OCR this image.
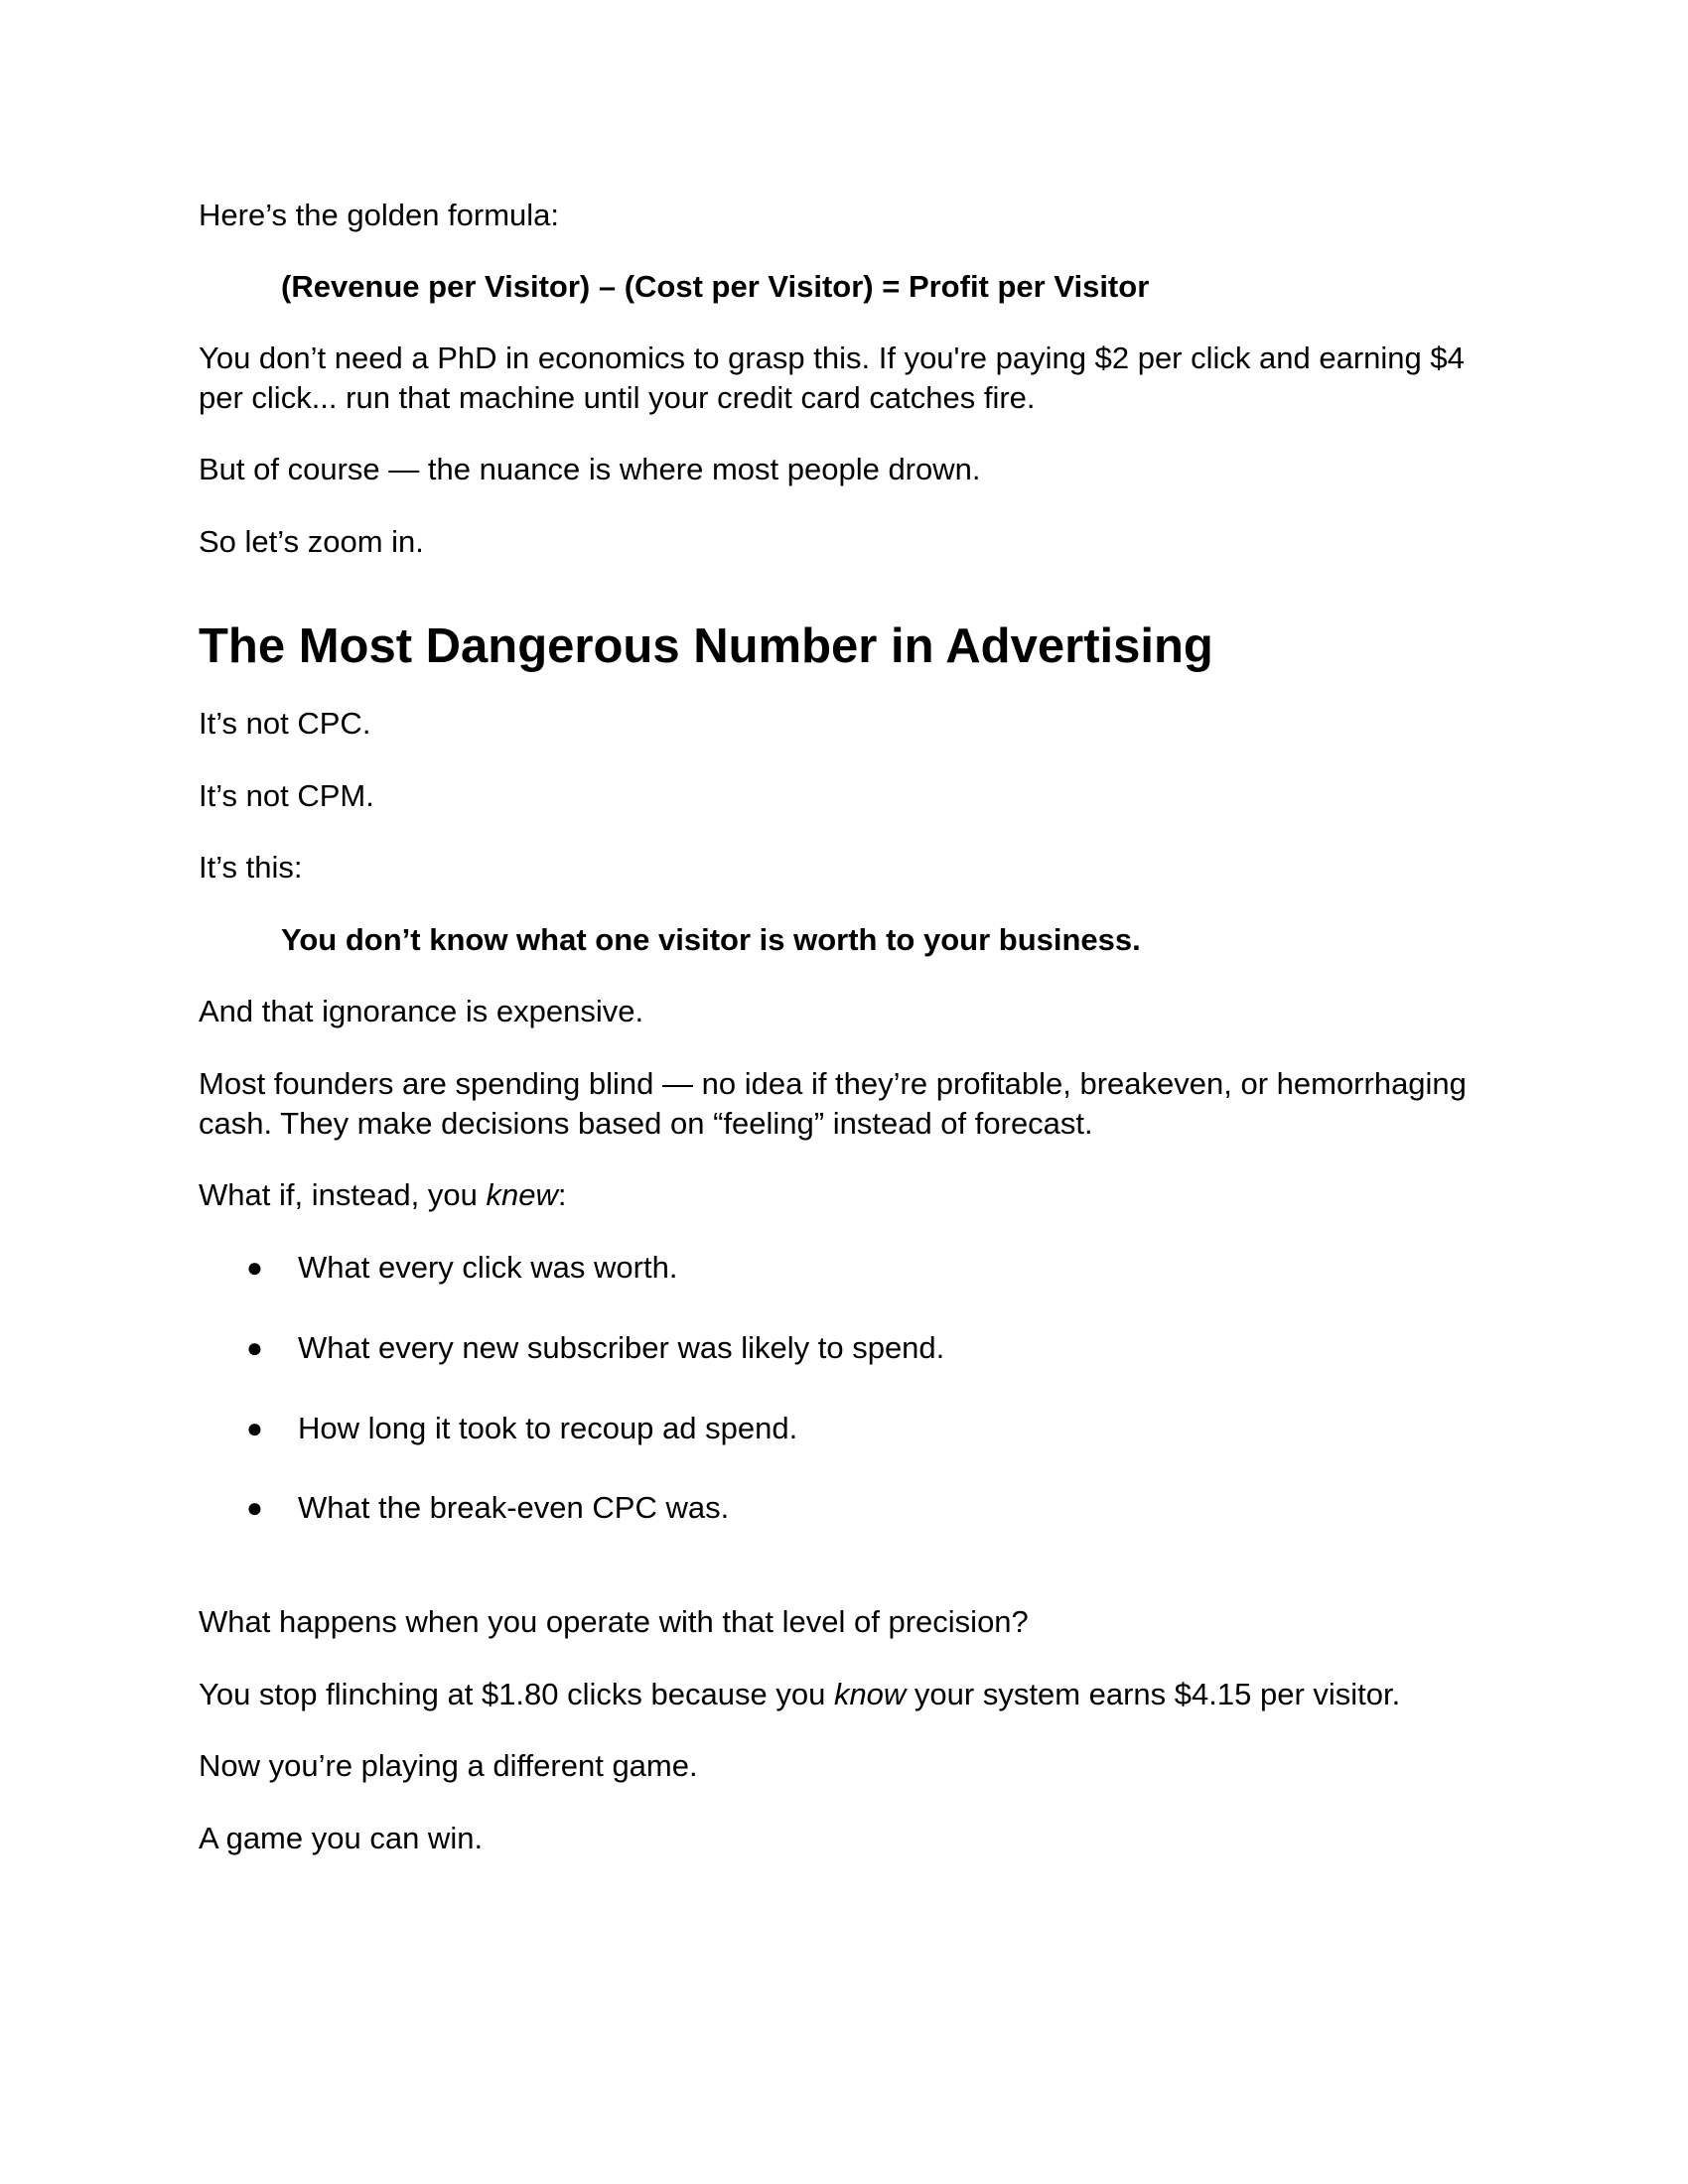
Here’s the golden formula:

(Revenue per Visitor) – (Cost per Visitor) = Profit per Visitor

You don’t need a PhD in economics to grasp this. If you're paying $2 per click and earning $4

per click... run that machine until your credit card catches fire.

But of course — the nuance is where most people drown.

So let’s zoom in.

The Most Dangerous Number in Advertising

It’s not CPC.

It’s not CPM.

It’s this:

You don’t know what one visitor is worth to your business.

And that ignorance is expensive.

Most founders are spending blind — no idea if they’re profitable, breakeven, or hemorrhaging

cash. They make decisions based on “feeling” instead of forecast.

What if, instead, you knew:

● What every click was worth.
● What every new subscriber was likely to spend.
● How long it took to recoup ad spend.
● What the break-even CPC was.

What happens when you operate with that level of precision?

You stop flinching at $1.80 clicks because you know your system earns $4.15 per visitor.

Now you’re playing a different game.

A game you can win.
